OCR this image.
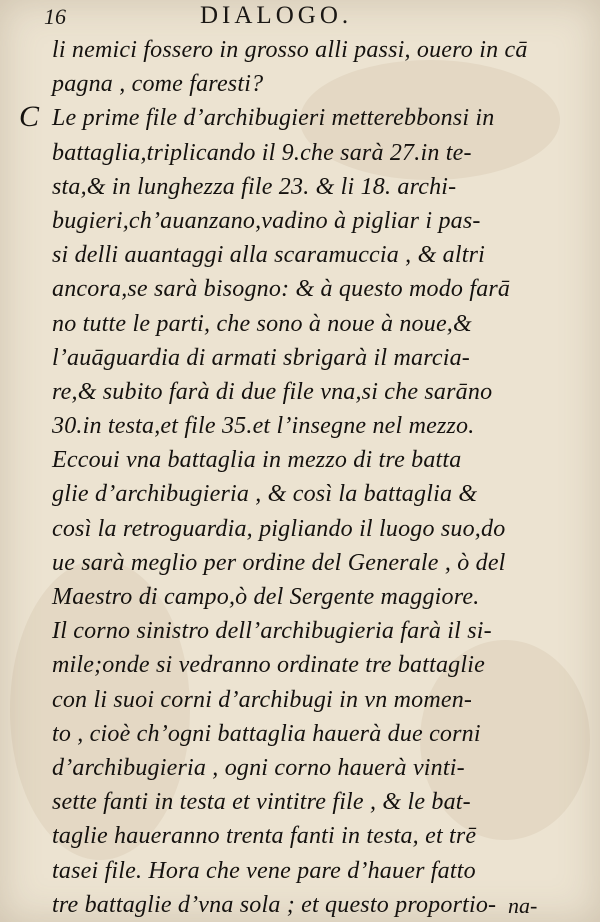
16	DIALOGO.
C
li nemici fossero in grosso alli passi, ouero in cā
pagna , come faresti?
Le prime file d’archibugieri metterebbonsi in
battaglia,triplicando il 9.che sarà 27.in te-
sta,& in lunghezza file 23. & li 18. archi-
bugieri,ch’auanzano,vadino à pigliar i pas-
si delli auantaggi alla scaramuccia , & altri
ancora,se sarà bisogno: & à questo modo farā
no tutte le parti, che sono à noue à noue,&
l’auāguardia di armati sbrigarà il marcia-
re,& subito farà di due file vna,si che sarāno
30.in testa,et file 35.et l’insegne nel mezzo.
Eccoui vna battaglia in mezzo di tre batta
glie d’archibugieria , & così la battaglia &
così la retroguardia, pigliando il luogo suo,do
ue sarà meglio per ordine del Generale , ò del
Maestro di campo,ò del Sergente maggiore.
Il corno sinistro dell’archibugieria farà il si-
mile;onde si vedranno ordinate tre battaglie
con li suoi corni d’archibugi in vn momen-
to , cioè ch’ogni battaglia hauerà due corni
d’archibugieria , ogni corno hauerà vinti-
sette fanti in testa et vintitre file , & le bat-
taglie haueranno trenta fanti in testa, et trē
tasei file. Hora che vene pare d’hauer fatto
tre battaglie d’vna sola ; et questo proportio- na-
